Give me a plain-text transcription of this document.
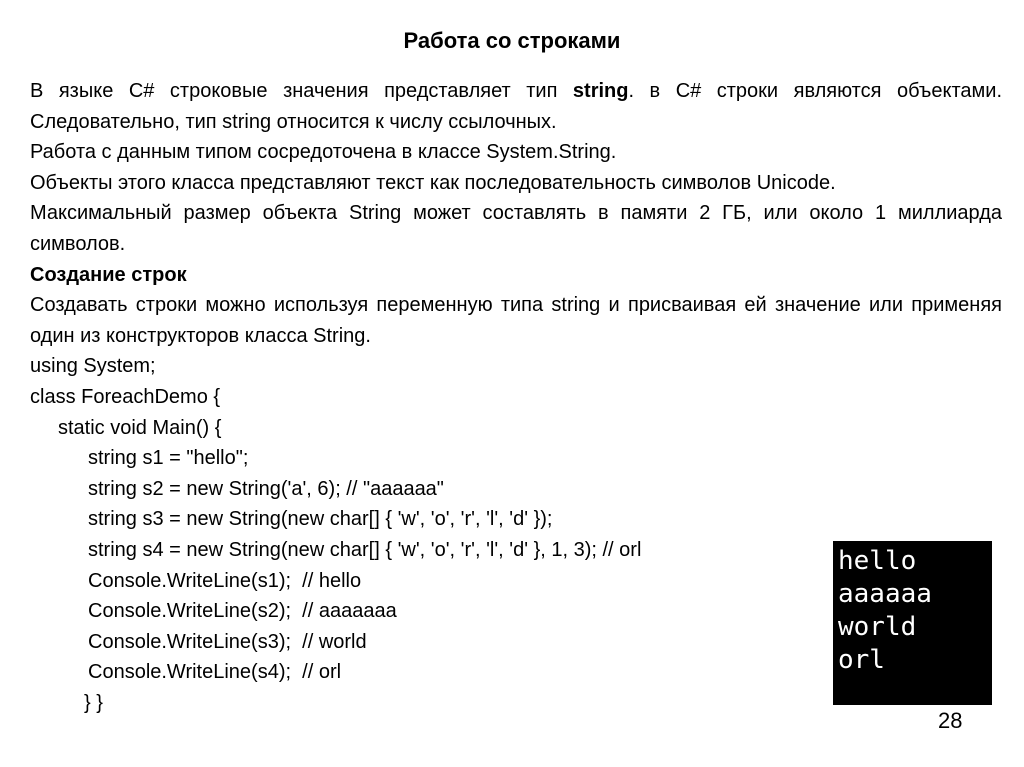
Работа со строками
В языке С# строковые значения представляет тип string. в C# строки являются объектами. Следовательно, тип string относится к числу ссылочных.
Работа с данным типом сосредоточена в классе System.String.
Объекты этого класса представляют текст как последовательность символов Unicode.
Максимальный размер объекта String может составлять в памяти 2 ГБ, или около 1 миллиарда символов.
Создание строк
Создавать строки можно используя переменную типа string и присваивая ей значение или применяя один из конструкторов класса String.
using System;
class ForeachDemo {
static void Main() {
string s1 = "hello";
string s2 = new String('a', 6); // "aaaaaa"
string s3 = new String(new char[] { 'w', 'o', 'r', 'l', 'd' });
string s4 = new String(new char[] { 'w', 'o', 'r', 'l', 'd' }, 1, 3); // orl
Console.WriteLine(s1);  // hello
Console.WriteLine(s2);  // aaaaaaa
Console.WriteLine(s3);  // world
Console.WriteLine(s4);  // orl
} }
hello
aaaaaa
world
orl
28
